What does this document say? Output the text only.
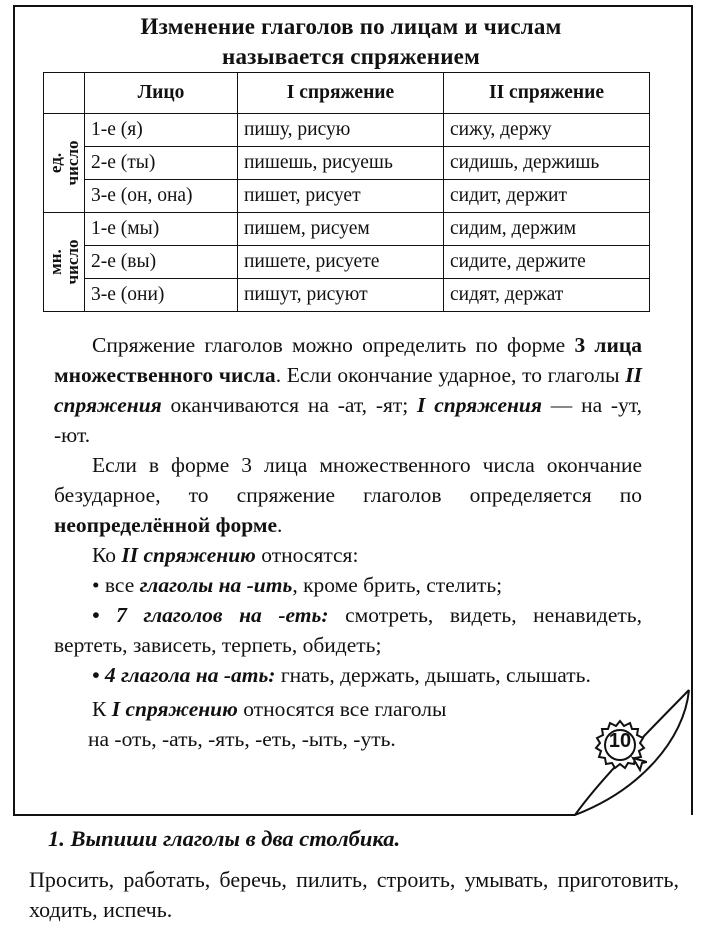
Изменение глаголов по лицам и числам
называется спряжением
	Лицо	I спряжение	II спряжение

ед.
число	1-е (я)	пишу, рисую	сижу, держу
	2-е (ты)	пишешь, рисуешь	сидишь, держишь
	3-е (он, она)	пишет, рисует	сидит, держит

мн.
число	1-е (мы)	пишем, рисуем	сидим, держим
	2-е (вы)	пишете, рисуете	сидите, держите
	3-е (они)	пишут, рисуют	сидят, держат

Спряжение глаголов можно определить по форме 3 лица множественного числа. Если окончание ударное, то глаголы II спряжения оканчиваются на -ат, -ят; I спряжения — на -ут, -ют.

Если в форме 3 лица множественного числа окончание безударное, то спряжение глаголов определяется по неопределённой форме.

Ко II спряжению относятся:

• все глаголы на -ить, кроме брить, стелить;

• 7 глаголов на -еть: смотреть, видеть, ненавидеть, вертеть, зависеть, терпеть, обидеть;

• 4 глагола на -ать: гнать, держать, дышать, слышать.

К I спряжению относятся все глаголы

на -оть, -ать, -ять, -еть, -ыть, -уть.	10
1. Выпиши глаголы в два столбика.
Просить, работать, беречь, пилить, строить, умывать, приготовить, ходить, испечь.
